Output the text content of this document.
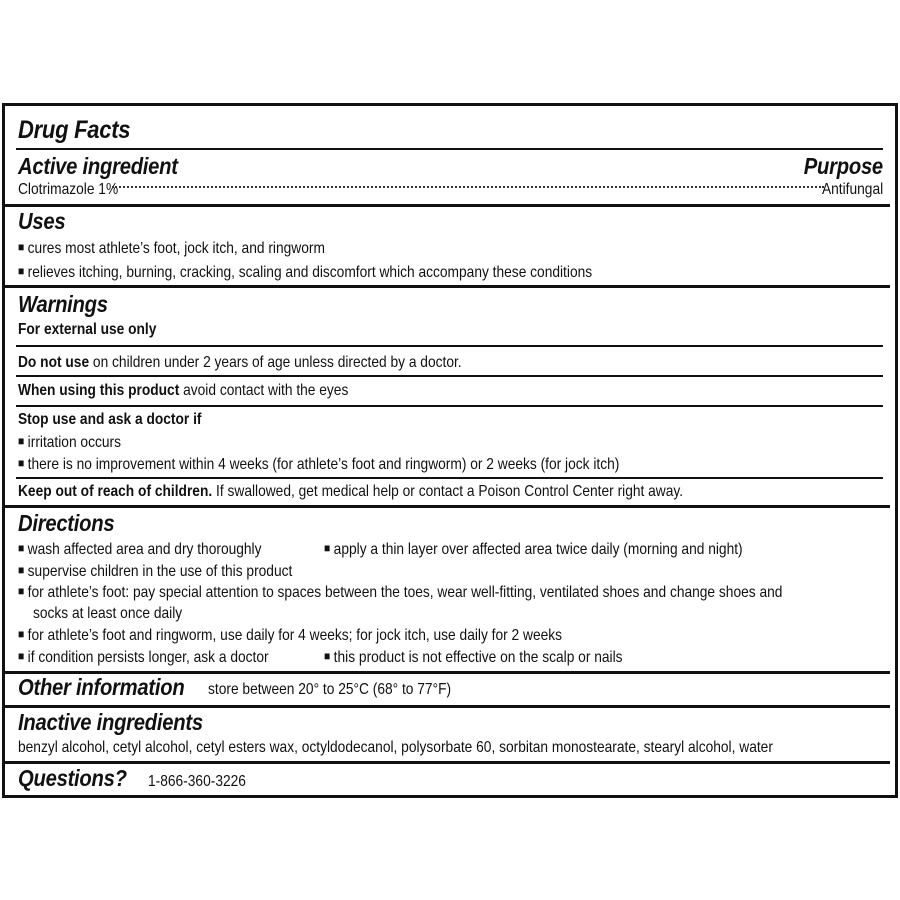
Drug Facts
Active ingredient	Purpose
Clotrimazole 1%	Antifungal
Uses
■ cures most athlete’s foot, jock itch, and ringworm
■ relieves itching, burning, cracking, scaling and discomfort which accompany these conditions
Warnings
For external use only
Do not use on children under 2 years of age unless directed by a doctor.
When using this product avoid contact with the eyes
Stop use and ask a doctor if
■ irritation occurs
■ there is no improvement within 4 weeks (for athlete’s foot and ringworm) or 2 weeks (for jock itch)
Keep out of reach of children. If swallowed, get medical help or contact a Poison Control Center right away.
Directions
■ wash affected area and dry thoroughly	■ apply a thin layer over affected area twice daily (morning and night)
■ supervise children in the use of this product
■ for athlete’s foot: pay special attention to spaces between the toes, wear well-fitting, ventilated shoes and change shoes and
socks at least once daily
■ for athlete’s foot and ringworm, use daily for 4 weeks; for jock itch, use daily for 2 weeks
■ if condition persists longer, ask a doctor	■ this product is not effective on the scalp or nails
Other information store between 20° to 25°C (68° to 77°F)
Inactive ingredients
benzyl alcohol, cetyl alcohol, cetyl esters wax, octyldodecanol, polysorbate 60, sorbitan monostearate, stearyl alcohol, water
Questions? 1-866-360-3226
